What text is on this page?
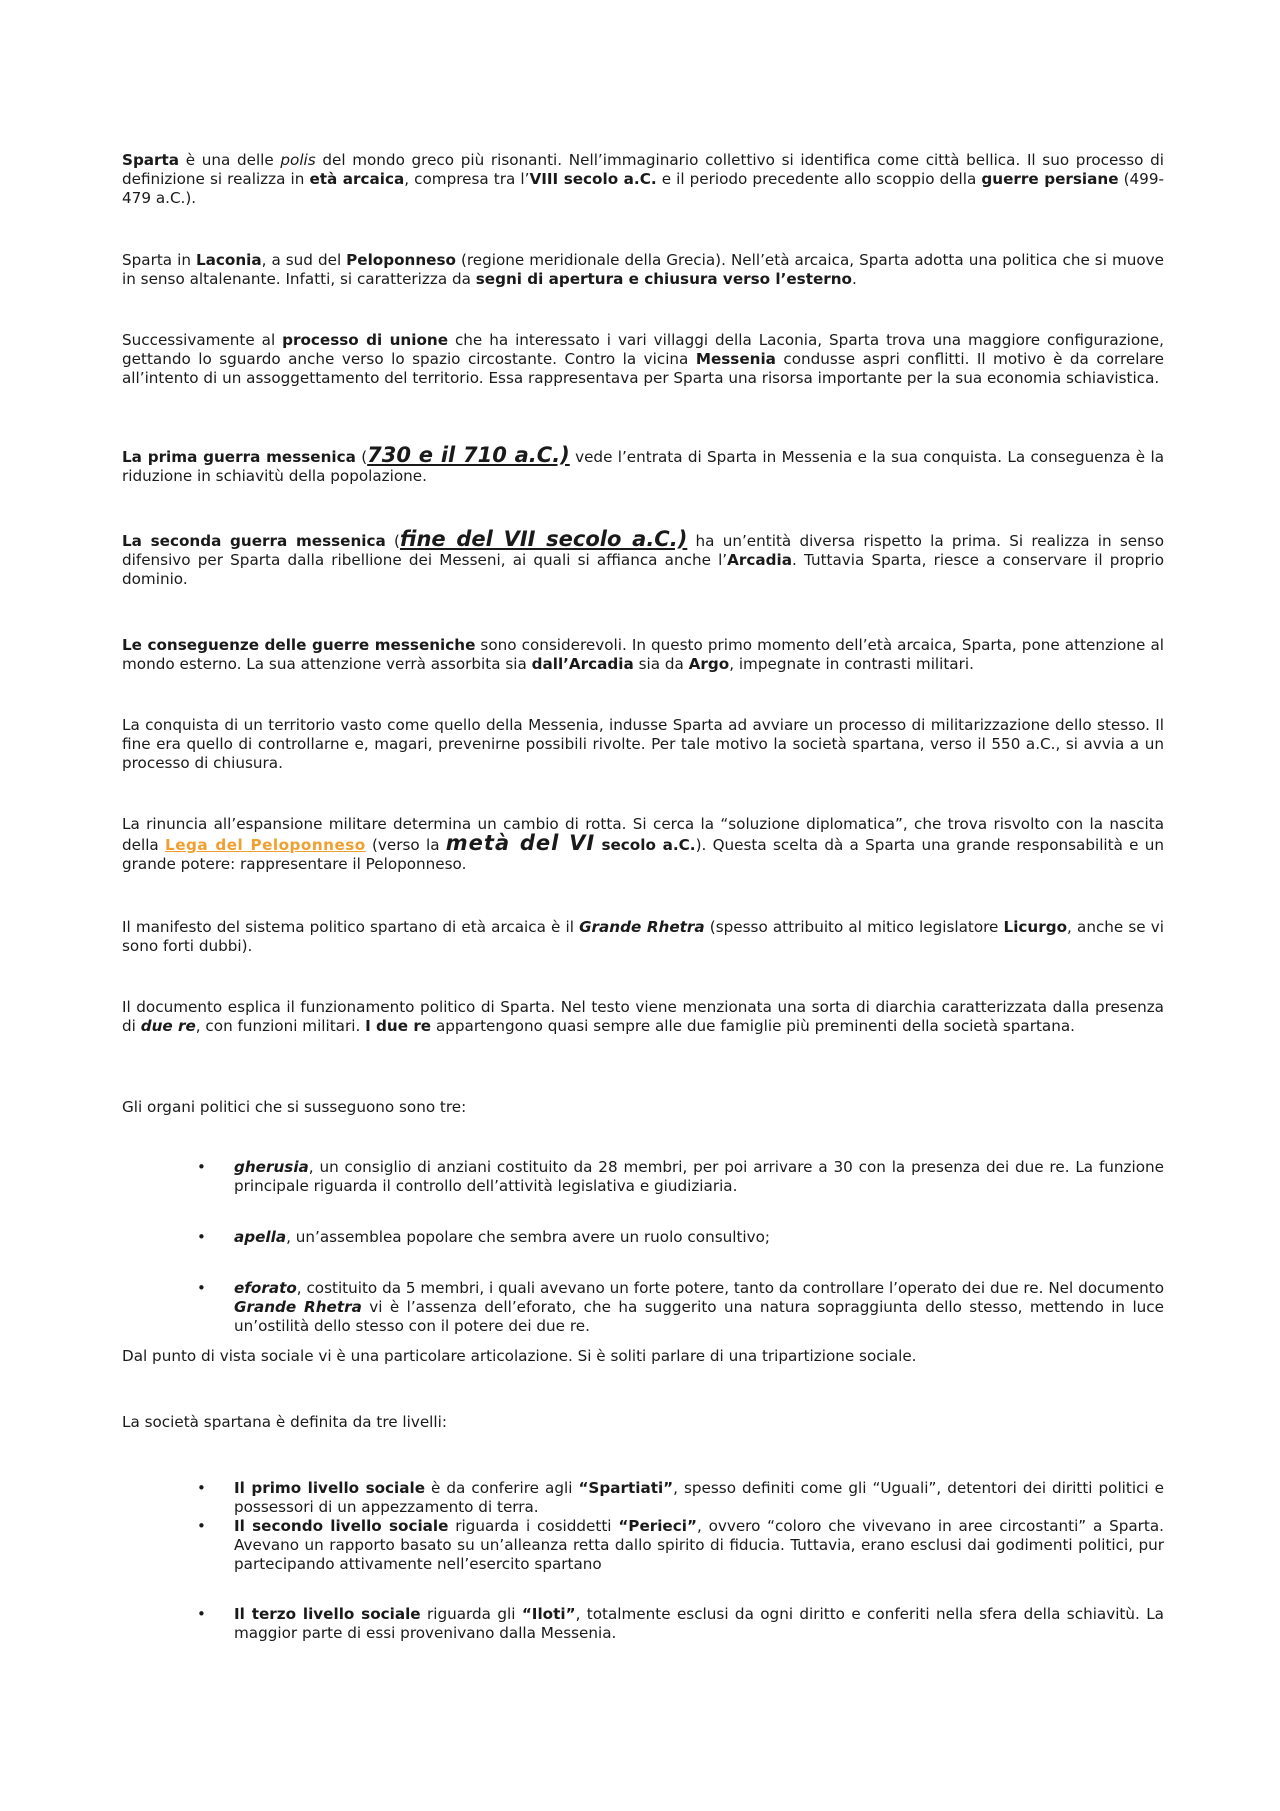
Sparta è una delle polis del mondo greco più risonanti. Nell’immaginario collettivo si identifica come città bellica. Il suo processo di definizione si realizza in età arcaica, compresa tra l’VIII secolo a.C. e il periodo precedente allo scoppio della guerre persiane (499-479 a.C.).

Sparta in Laconia, a sud del Peloponneso (regione meridionale della Grecia). Nell’età arcaica, Sparta adotta una politica che si muove in senso altalenante. Infatti, si caratterizza da segni di apertura e chiusura verso l’esterno.

Successivamente al processo di unione che ha interessato i vari villaggi della Laconia, Sparta trova una maggiore configurazione, gettando lo sguardo anche verso lo spazio circostante. Contro la vicina Messenia condusse aspri conflitti. Il motivo è da correlare all’intento di un assoggettamento del territorio. Essa rappresentava per Sparta una risorsa importante per la sua economia schiavistica.

La prima guerra messenica (730 e il 710 a.C.) vede l’entrata di Sparta in Messenia e la sua conquista. La conseguenza è la riduzione in schiavitù della popolazione.

La seconda guerra messenica (fine del VII secolo a.C.) ha un’entità diversa rispetto la prima. Si realizza in senso difensivo per Sparta dalla ribellione dei Messeni, ai quali si affianca anche l’Arcadia. Tuttavia Sparta, riesce a conservare il proprio dominio.

Le conseguenze delle guerre messeniche sono considerevoli. In questo primo momento dell’età arcaica, Sparta, pone attenzione al mondo esterno. La sua attenzione verrà assorbita sia dall’Arcadia sia da Argo, impegnate in contrasti militari.

La conquista di un territorio vasto come quello della Messenia, indusse Sparta ad avviare un processo di militarizzazione dello stesso. Il fine era quello di controllarne e, magari, prevenirne possibili rivolte. Per tale motivo la società spartana, verso il 550 a.C., si avvia a un processo di chiusura.

La rinuncia all’espansione militare determina un cambio di rotta. Si cerca la “soluzione diplomatica”, che trova risvolto con la nascita della Lega del Peloponneso (verso la metà del VI secolo a.C.). Questa scelta dà a Sparta una grande responsabilità e un grande potere: rappresentare il Peloponneso.

Il manifesto del sistema politico spartano di età arcaica è il Grande Rhetra (spesso attribuito al mitico legislatore Licurgo, anche se vi sono forti dubbi).

Il documento esplica il funzionamento politico di Sparta. Nel testo viene menzionata una sorta di diarchia caratterizzata dalla presenza di due re, con funzioni militari. I due re appartengono quasi sempre alle due famiglie più preminenti della società spartana.

Gli organi politici che si susseguono sono tre:

• gherusia, un consiglio di anziani costituito da 28 membri, per poi arrivare a 30 con la presenza dei due re. La funzione principale riguarda il controllo dell’attività legislativa e giudiziaria.

• apella, un’assemblea popolare che sembra avere un ruolo consultivo;

• eforato, costituito da 5 membri, i quali avevano un forte potere, tanto da controllare l’operato dei due re. Nel documento Grande Rhetra vi è l’assenza dell’eforato, che ha suggerito una natura sopraggiunta dello stesso, mettendo in luce un’ostilità dello stesso con il potere dei due re.

Dal punto di vista sociale vi è una particolare articolazione. Si è soliti parlare di una tripartizione sociale.

La società spartana è definita da tre livelli:

• Il primo livello sociale è da conferire agli “Spartiati”, spesso definiti come gli “Uguali”, detentori dei diritti politici e possessori di un appezzamento di terra.

• Il secondo livello sociale riguarda i cosiddetti “Perieci”, ovvero “coloro che vivevano in aree circostanti” a Sparta. Avevano un rapporto basato su un’alleanza retta dallo spirito di fiducia. Tuttavia, erano esclusi dai godimenti politici, pur partecipando attivamente nell’esercito spartano

• Il terzo livello sociale riguarda gli “Iloti”, totalmente esclusi da ogni diritto e conferiti nella sfera della schiavitù. La maggior parte di essi provenivano dalla Messenia.
